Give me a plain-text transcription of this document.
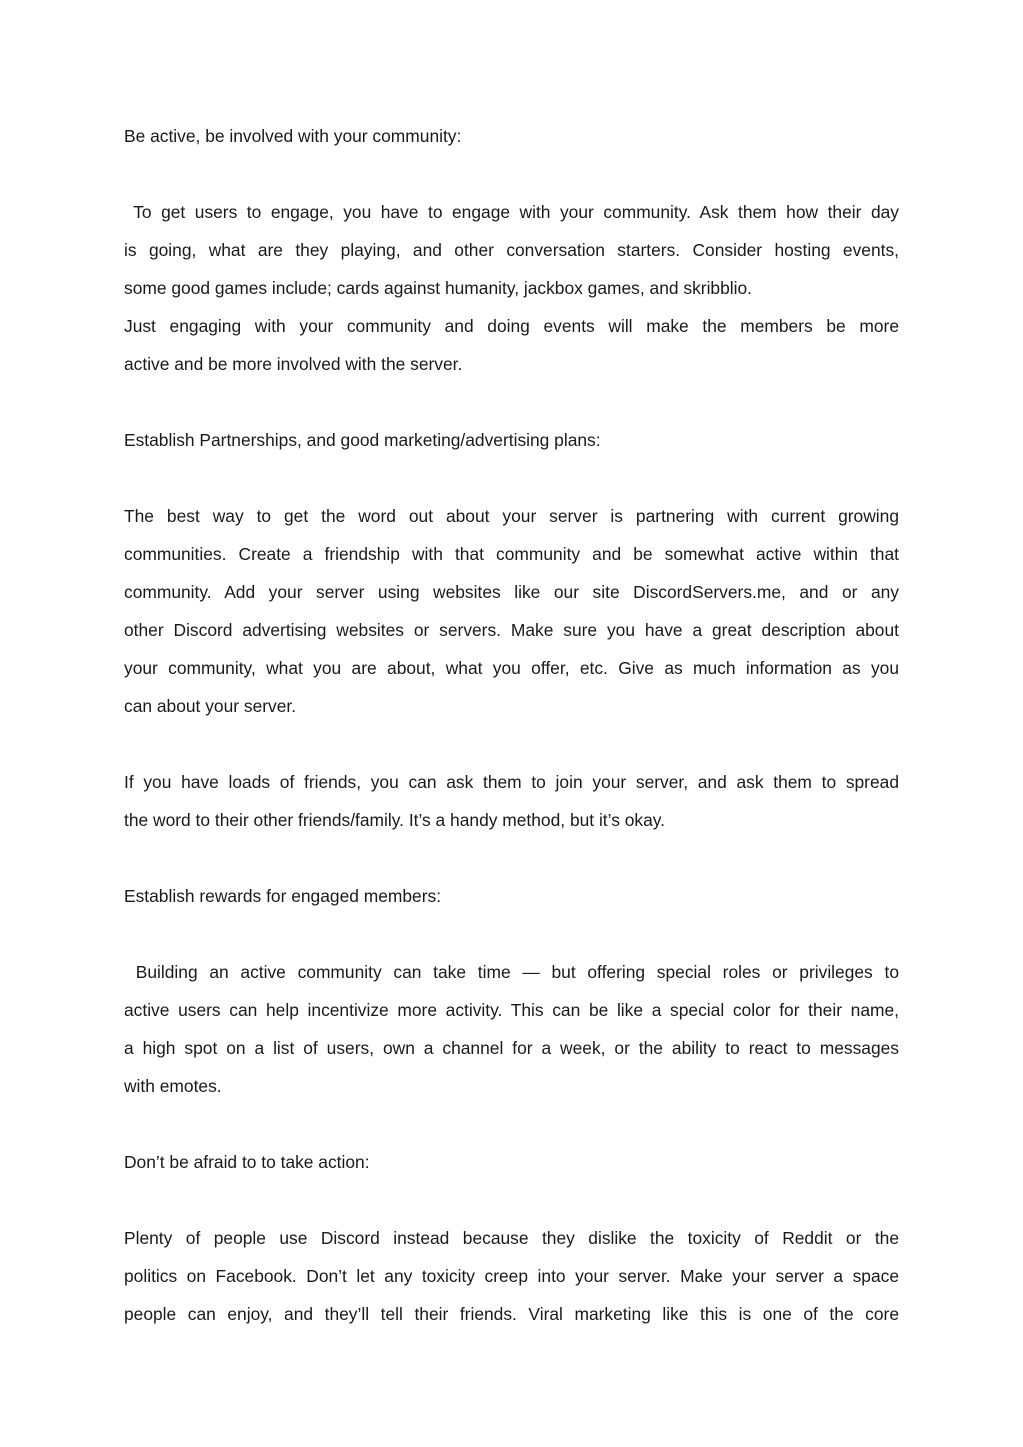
Be active, be involved with your community:
To get users to engage, you have to engage with your community. Ask them how their day
is going, what are they playing, and other conversation starters. Consider hosting events,
some good games include; cards against humanity, jackbox games, and skribblio.
Just engaging with your community and doing events will make the members be more
active and be more involved with the server.
Establish Partnerships, and good marketing/advertising plans:
The best way to get the word out about your server is partnering with current growing
communities. Create a friendship with that community and be somewhat active within that
community. Add your server using websites like our site DiscordServers.me, and or any
other Discord advertising websites or servers. Make sure you have a great description about
your community, what you are about, what you offer, etc. Give as much information as you
can about your server.
If you have loads of friends, you can ask them to join your server, and ask them to spread
the word to their other friends/family. It’s a handy method, but it’s okay.
Establish rewards for engaged members:
Building an active community can take time — but offering special roles or privileges to
active users can help incentivize more activity. This can be like a special color for their name,
a high spot on a list of users, own a channel for a week, or the ability to react to messages
with emotes.
Don’t be afraid to to take action:
Plenty of people use Discord instead because they dislike the toxicity of Reddit or the
politics on Facebook. Don’t let any toxicity creep into your server. Make your server a space
people can enjoy, and they’ll tell their friends. Viral marketing like this is one of the core
